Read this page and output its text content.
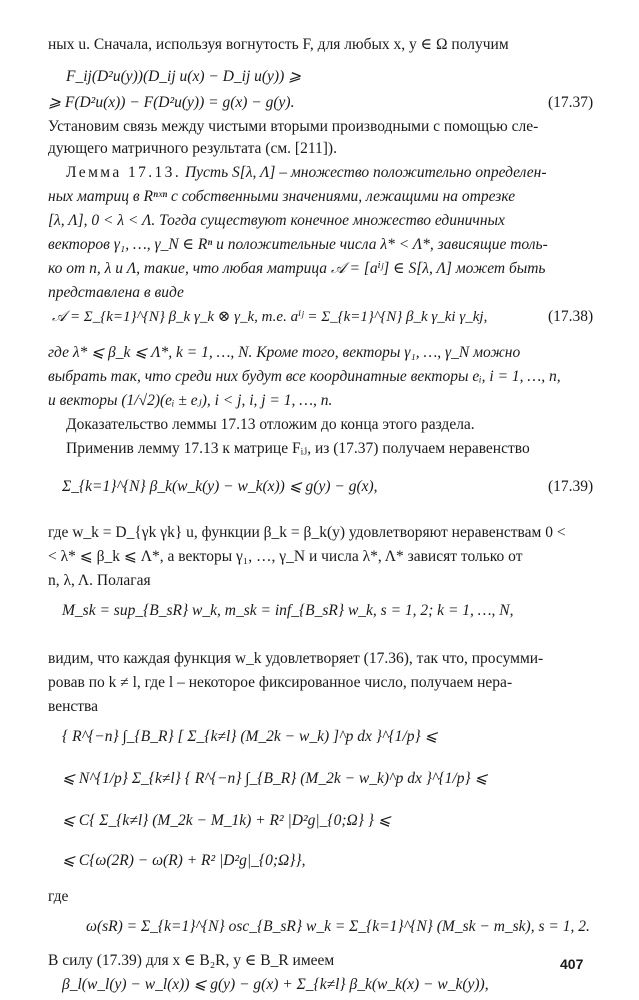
ных u. Сначала, используя вогнутость F, для любых x, y ∈ Ω получим
F_ij(D²u(y))(D_ij u(x) − D_ij u(y)) ⩾
⩾ F(D²u(x)) − F(D²u(y)) = g(x) − g(y).	(17.37)
Установим связь между чистыми вторыми производными с помощью сле-
дующего матричного результата (см. [211]).
Лемма 17.13. Пусть S[λ, Λ] – множество положительно определен-
ных матриц в Rⁿˣⁿ с собственными значениями, лежащими на отрезке
[λ, Λ], 0 < λ < Λ. Тогда существуют конечное множество единичных
векторов γ₁, …, γ_N ∈ Rⁿ и положительные числа λ* < Λ*, зависящие толь-
ко от n, λ и Λ, такие, что любая матрица 𝒜 = [aⁱʲ] ∈ S[λ, Λ] может быть
представлена в виде
𝒜 = Σ_{k=1}^{N} β_k γ_k ⊗ γ_k, т.е. aⁱʲ = Σ_{k=1}^{N} β_k γ_ki γ_kj,	(17.38)
где λ* ⩽ β_k ⩽ Λ*, k = 1, …, N. Кроме того, векторы γ₁, …, γ_N можно
выбрать так, что среди них будут все координатные векторы eᵢ, i = 1, …, n,
и векторы (1/√2)(eᵢ ± eⱼ), i < j, i, j = 1, …, n.
Доказательство леммы 17.13 отложим до конца этого раздела.
Применив лемму 17.13 к матрице Fᵢⱼ, из (17.37) получаем неравенство
Σ_{k=1}^{N} β_k(w_k(y) − w_k(x)) ⩽ g(y) − g(x),	(17.39)
где w_k = D_{γk γk} u, функции β_k = β_k(y) удовлетворяют неравенствам 0 <
< λ* ⩽ β_k ⩽ Λ*, а векторы γ₁, …, γ_N и числа λ*, Λ* зависят только от
n, λ, Λ. Полагая
M_sk = sup_{B_sR} w_k, m_sk = inf_{B_sR} w_k, s = 1, 2; k = 1, …, N,
видим, что каждая функция w_k удовлетворяет (17.36), так что, просумми-
ровав по k ≠ l, где l – некоторое фиксированное число, получаем нера-
венства
{ R^{−n} ∫_{B_R} [ Σ_{k≠l} (M_2k − w_k) ]^p dx }^{1/p} ⩽
⩽ N^{1/p} Σ_{k≠l} { R^{−n} ∫_{B_R} (M_2k − w_k)^p dx }^{1/p} ⩽
⩽ C{ Σ_{k≠l} (M_2k − M_1k) + R² |D²g|_{0;Ω} } ⩽
⩽ C{ω(2R) − ω(R) + R² |D²g|_{0;Ω}},
где
ω(sR) = Σ_{k=1}^{N} osc_{B_sR} w_k = Σ_{k=1}^{N} (M_sk − m_sk), s = 1, 2.
В силу (17.39) для x ∈ B₂R, y ∈ B_R имеем
β_l(w_l(y) − w_l(x)) ⩽ g(y) − g(x) + Σ_{k≠l} β_k(w_k(x) − w_k(y)),
407
